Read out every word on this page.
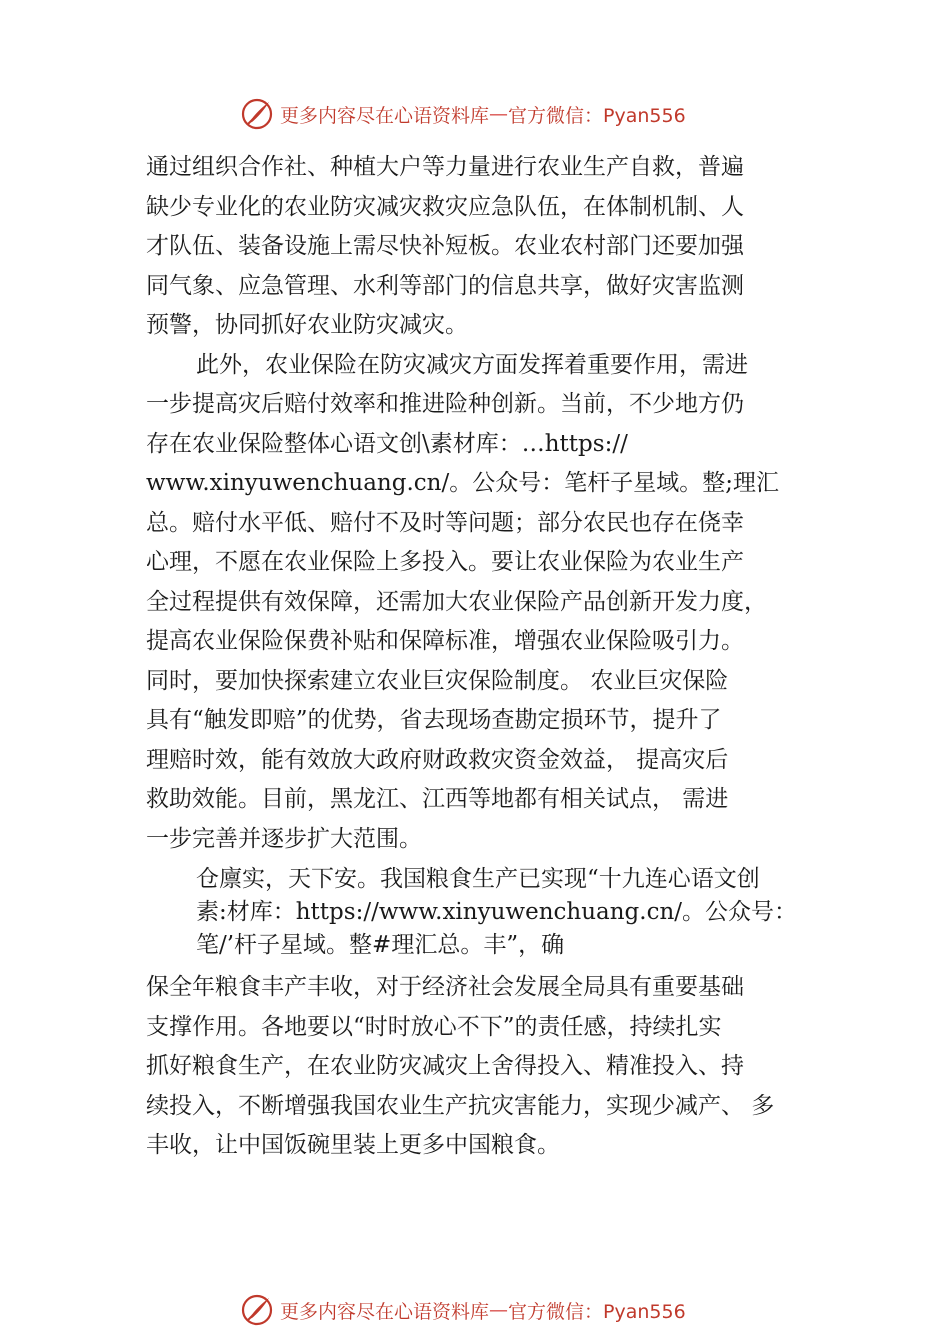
更多内容尽在心语资料库 — 官方微信：Pyan556
通过组织合作社、种植大户等力量进行农业生产自救，普遍
缺少专业化的农业防灾减灾救灾应急队伍，在体制机制、人
才队伍、装备设施上需尽快补短板。农业农村部门还要加强
同气象、应急管理、水利等部门的信息共享，做好灾害监测
预警，协同抓好农业防灾减灾。
此外，农业保险在防灾减灾方面发挥着重要作用，需进
一步提高灾后赔付效率和推进险种创新。当前，不少地方仍
存在农业保险整体心语文创\素材库：…https://
www.xinyuwenchuang.cn/。公众号：笔杆子星域。整;理汇
总。赔付水平低、赔付不及时等问题；部分农民也存在侥幸
心理，不愿在农业保险上多投入。要让农业保险为农业生产
全过程提供有效保障，还需加大农业保险产品创新开发力度，
提高农业保险保费补贴和保障标准，增强农业保险吸引力。
同时，要加快探索建立农业巨灾保险制度。 农业巨灾保险
具有“触发即赔”的优势，省去现场查勘定损环节，提升了
理赔时效，能有效放大政府财政救灾资金效益， 提高灾后
救助效能。目前，黑龙江、江西等地都有相关试点， 需进
一步完善并逐步扩大范围。
仓廪实，天下安。我国粮食生产已实现“十九连心语文创
素:材库：https://www.xinyuwenchuang.cn/。公众号：
笔/’杆子星域。整#理汇总。丰”，确
保全年粮食丰产丰收，对于经济社会发展全局具有重要基础
支撑作用。各地要以“时时放心不下”的责任感，持续扎实
抓好粮食生产，在农业防灾减灾上舍得投入、精准投入、持
续投入，不断增强我国农业生产抗灾害能力，实现少减产、 多
丰收，让中国饭碗里装上更多中国粮食。
更多内容尽在心语资料库 — 官方微信：Pyan556
